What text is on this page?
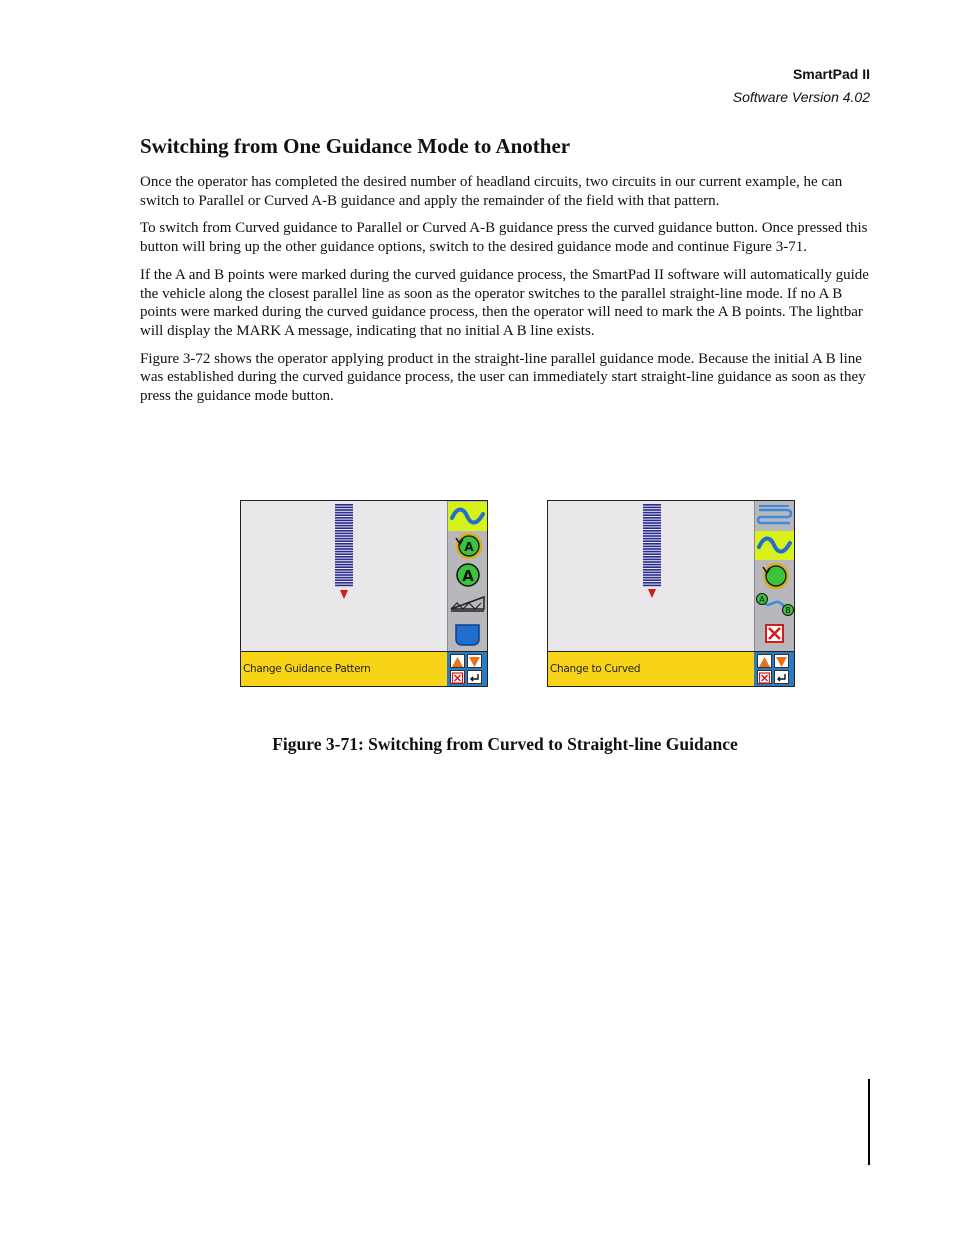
SmartPad II
Software Version 4.02
Switching from One Guidance Mode to Another

Once the operator has completed the desired number of headland circuits, two circuits in our current example, he can switch to Parallel or Curved A-B guidance and apply the remainder of the field with that pattern.

To switch from Curved guidance to Parallel or Curved A-B guidance press the curved guidance button. Once pressed this button will bring up the other guidance options, switch to the desired guidance mode and continue Figure 3-71.

If the A and B points were marked during the curved guidance process, the SmartPad II software will automatically guide the vehicle along the closest parallel line as soon as the operator switches to the parallel straight-line mode. If no A B points were marked during the curved guidance process, then the operator will need to mark the A B points. The lightbar will display the MARK A message, indicating that no initial A B line exists.

Figure 3-72 shows the operator applying product in the straight-line parallel guidance mode. Because the initial A B line was established during the curved guidance process, the user can immediately start straight-line guidance as soon as they press the guidance mode button.

A
A
Change Guidance Pattern
A
B
Change to Curved

Figure 3-71: Switching from Curved to Straight-line Guidance
